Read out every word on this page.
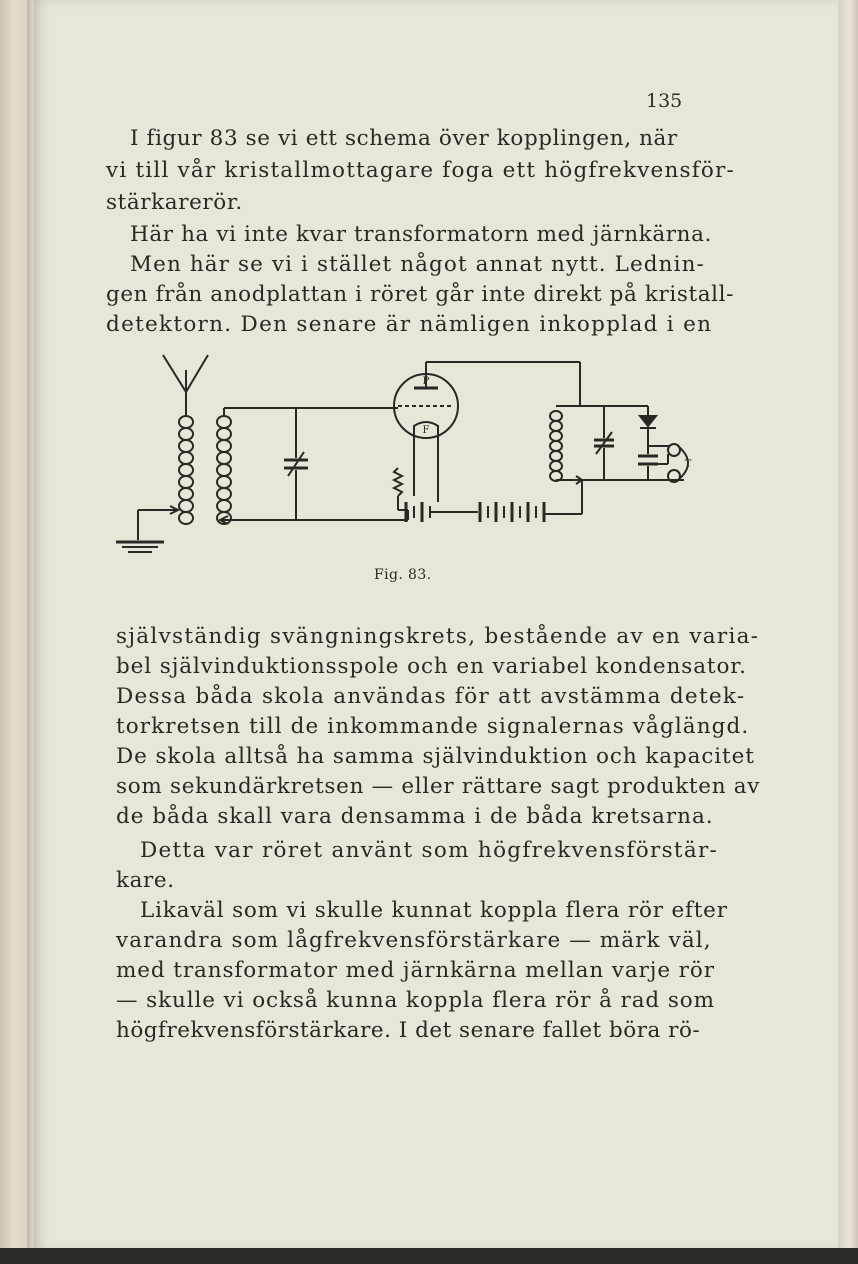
135
I figur 83 se vi ett schema över kopplingen, när
vi till vår kristallmottagare foga ett högfrekvensför-
stärkarerör.
Här ha vi inte kvar transformatorn med järnkärna.
Men här se vi i stället något annat nytt. Lednin-
gen från anodplattan i röret går inte direkt på kristall-
detektorn. Den senare är nämligen inkopplad i en
P
F
T
Fig. 83.
självständig svängningskrets, bestående av en varia-
bel självinduktionsspole och en variabel kondensator.
Dessa båda skola användas för att avstämma detek-
torkretsen till de inkommande signalernas våglängd.
De skola alltså ha samma självinduktion och kapacitet
som sekundärkretsen — eller rättare sagt produkten av
de båda skall vara densamma i de båda kretsarna.
Detta var röret använt som högfrekvensförstär-
kare.
Likaväl som vi skulle kunnat koppla flera rör efter
varandra som lågfrekvensförstärkare — märk väl,
med transformator med järnkärna mellan varje rör
— skulle vi också kunna koppla flera rör å rad som
högfrekvensförstärkare. I det senare fallet böra rö-
